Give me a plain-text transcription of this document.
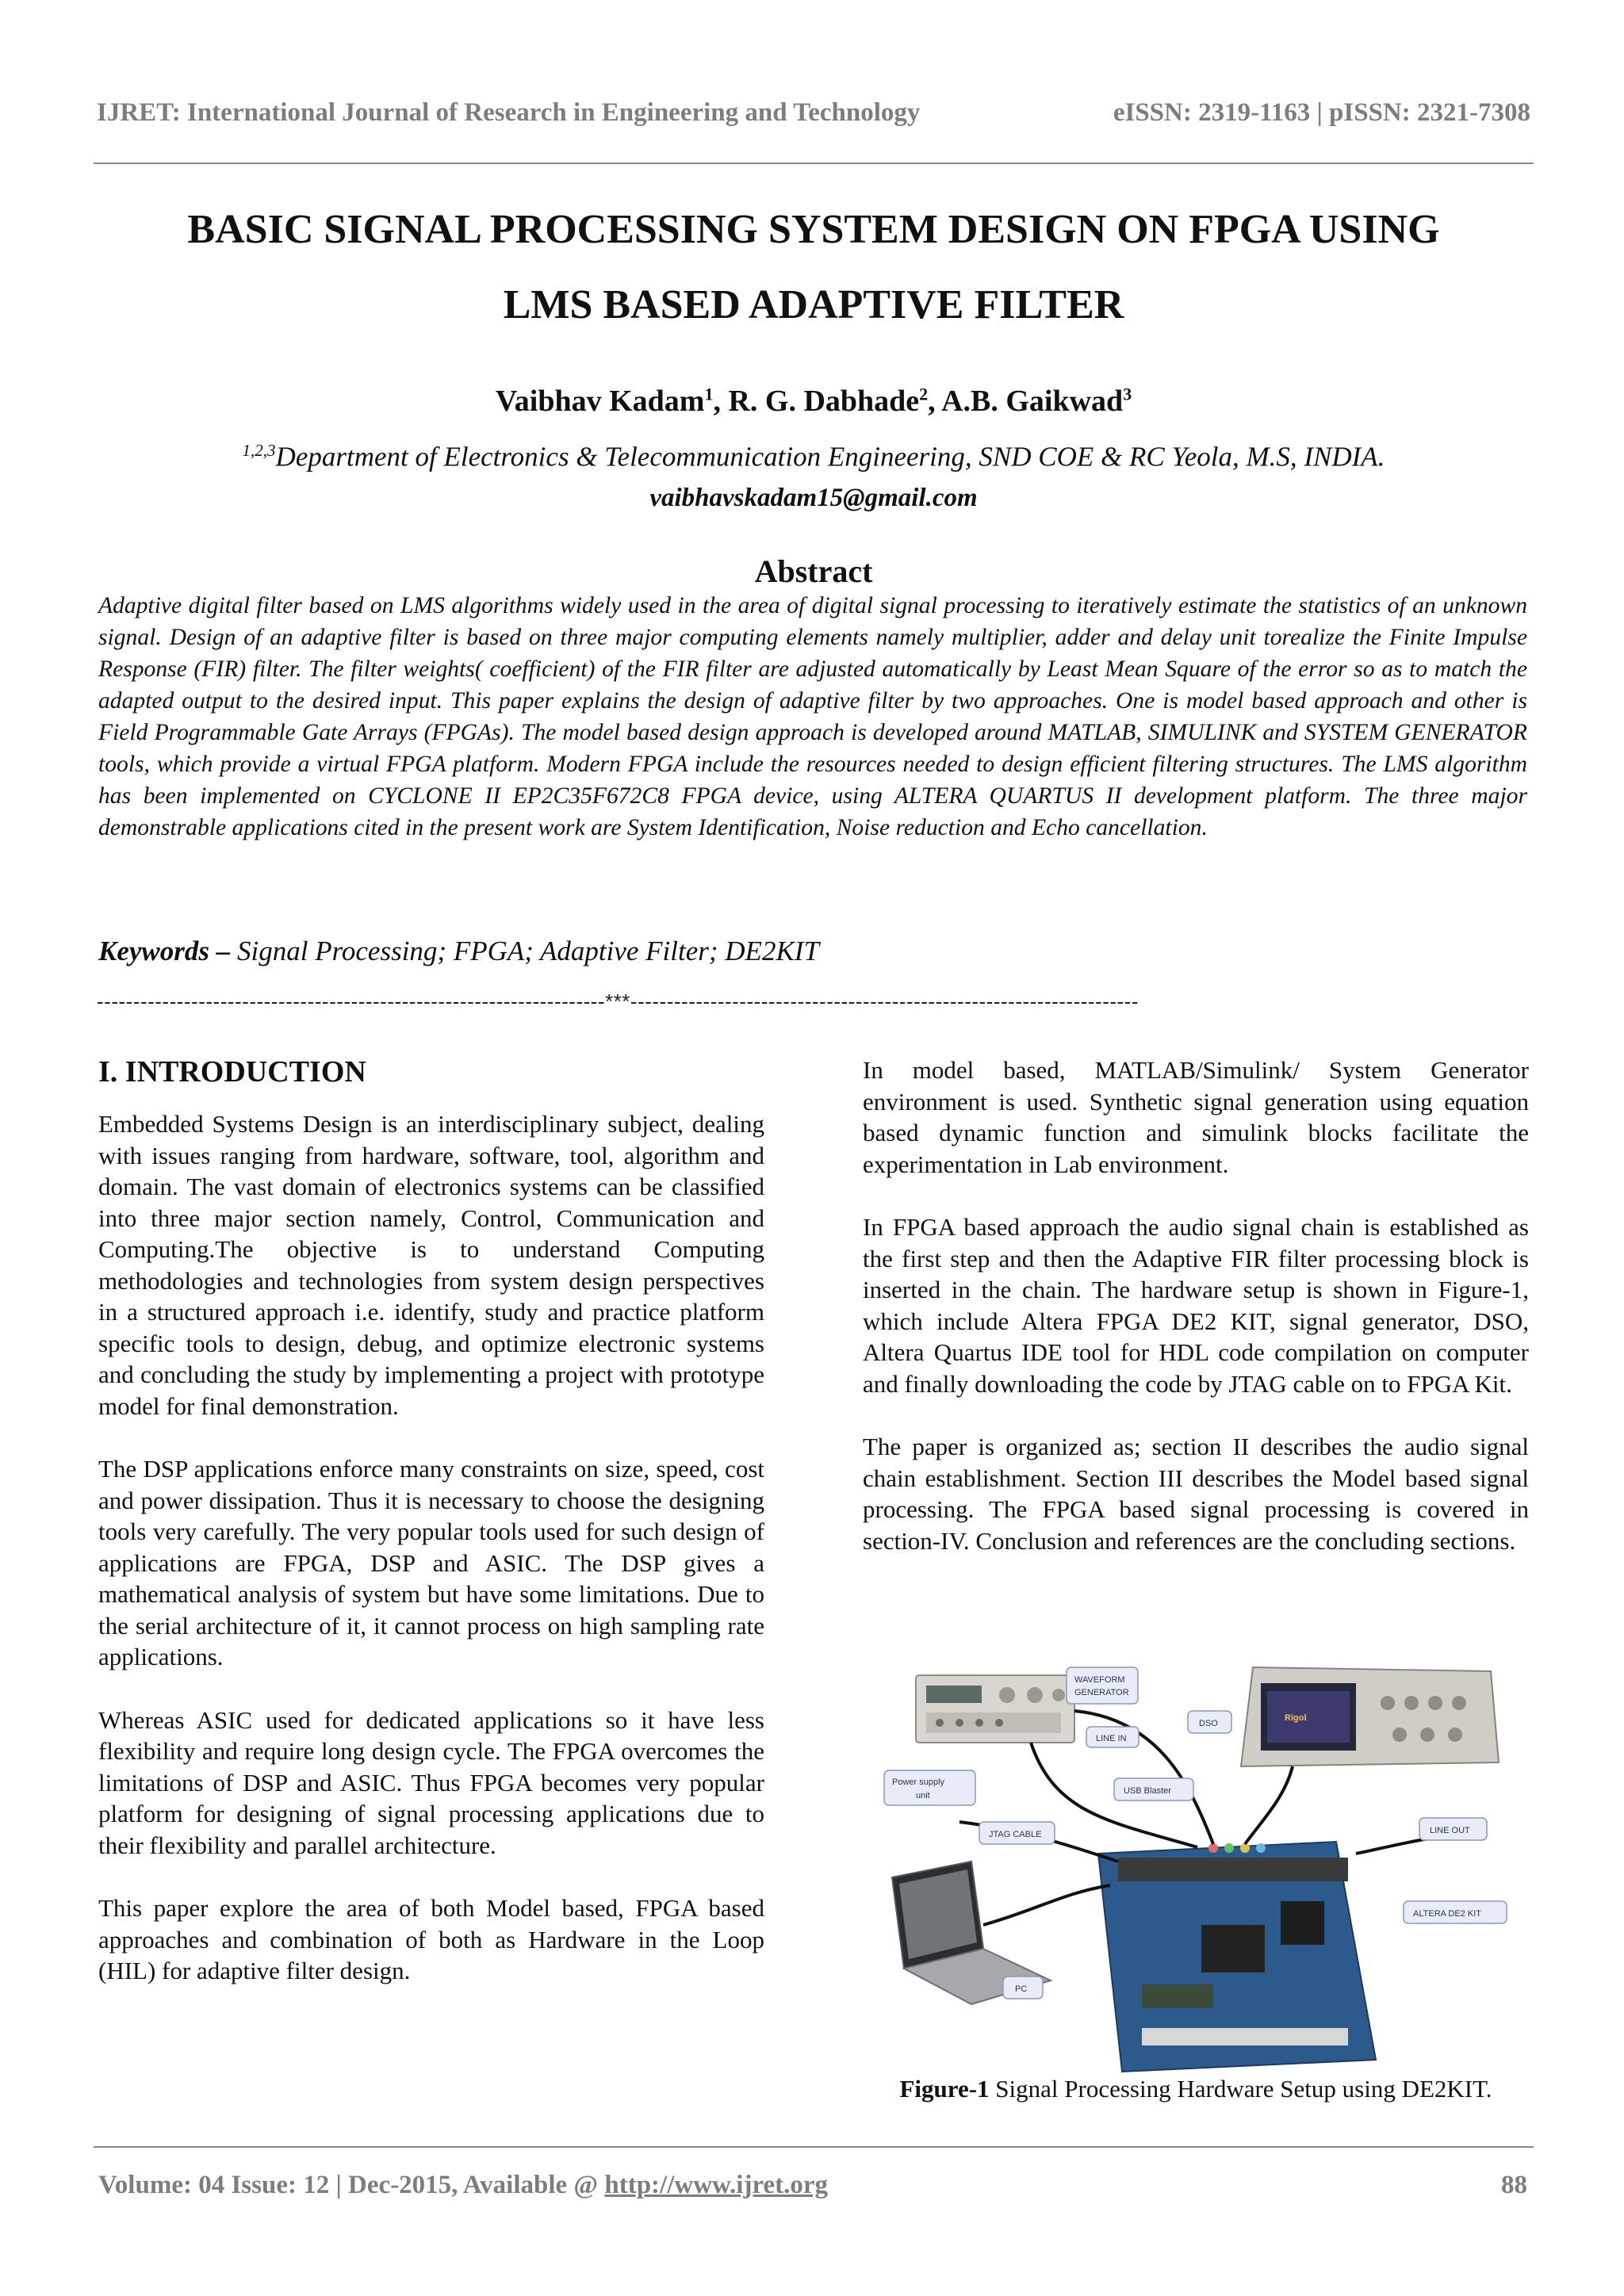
IJRET: International Journal of Research in Engineering and Technology	eISSN: 2319-1163 | pISSN: 2321-7308
BASIC SIGNAL PROCESSING SYSTEM DESIGN ON FPGA USING
LMS BASED ADAPTIVE FILTER
Vaibhav Kadam$^1$, R. G. Dabhade$^2$, A.B. Gaikwad$^3$
$^{1,2,3}$Department of Electronics & Telecommunication Engineering, SND COE & RC Yeola, M.S, INDIA.
vaibhavskadam15@gmail.com
Abstract
Adaptive digital filter based on LMS algorithms widely used in the area of digital signal processing to iteratively estimate the statistics of an unknown signal. Design of an adaptive filter is based on three major computing elements namely multiplier, adder and delay unit torealize the Finite Impulse Response (FIR) filter. The filter weights( coefficient) of the FIR filter are adjusted automatically by Least Mean Square of the error so as to match the adapted output to the desired input. This paper explains the design of adaptive filter by two approaches. One is model based approach and other is Field Programmable Gate Arrays (FPGAs). The model based design approach is developed around MATLAB, SIMULINK and SYSTEM GENERATOR tools, which provide a virtual FPGA platform. Modern FPGA include the resources needed to design efficient filtering structures. The LMS algorithm has been implemented on CYCLONE II EP2C35F672C8 FPGA device, using ALTERA QUARTUS II development platform. The three major demonstrable applications cited in the present work are System Identification, Noise reduction and Echo cancellation.
Keywords – Signal Processing; FPGA; Adaptive Filter; DE2KIT
----------------------------------------------------------------------***----------------------------------------------------------------------
I. INTRODUCTION

Embedded Systems Design is an interdisciplinary subject, dealing with issues ranging from hardware, software, tool, algorithm and domain. The vast domain of electronics systems can be classified into three major section namely, Control, Communication and Computing.The objective is to understand Computing methodologies and technologies from system design perspectives in a structured approach i.e. identify, study and practice platform specific tools to design, debug, and optimize electronic systems and concluding the study by implementing a project with prototype model for final demonstration.

The DSP applications enforce many constraints on size, speed, cost and power dissipation. Thus it is necessary to choose the designing tools very carefully. The very popular tools used for such design of applications are FPGA, DSP and ASIC. The DSP gives a mathematical analysis of system but have some limitations. Due to the serial architecture of it, it cannot process on high sampling rate applications.

Whereas ASIC used for dedicated applications so it have less flexibility and require long design cycle. The FPGA overcomes the limitations of DSP and ASIC. Thus FPGA becomes very popular platform for designing of signal processing applications due to their flexibility and parallel architecture.

This paper explore the area of both Model based, FPGA based approaches and combination of both as Hardware in the Loop (HIL) for adaptive filter design.

In model based, MATLAB/Simulink/ System Generator environment is used. Synthetic signal generation using equation based dynamic function and simulink blocks facilitate the experimentation in Lab environment.

In FPGA based approach the audio signal chain is established as the first step and then the Adaptive FIR filter processing block is inserted in the chain. The hardware setup is shown in Figure-1, which include Altera FPGA DE2 KIT, signal generator, DSO, Altera Quartus IDE tool for HDL code compilation on computer and finally downloading the code by JTAG cable on to FPGA Kit.

The paper is organized as; section II describes the audio signal chain establishment. Section III describes the Model based signal processing. The FPGA based signal processing is covered in section-IV. Conclusion and references are the concluding sections.

Rigol
WAVEFORM
GENERATOR
DSO
LINE IN
Power supply
unit	USB Blaster
JTAG CABLE	LINE OUT
ALTERA DE2 KIT
PC
Figure-1 Signal Processing Hardware Setup using DE2KIT.
Volume: 04 Issue: 12 | Dec-2015, Available @ http://www.ijret.org	88
